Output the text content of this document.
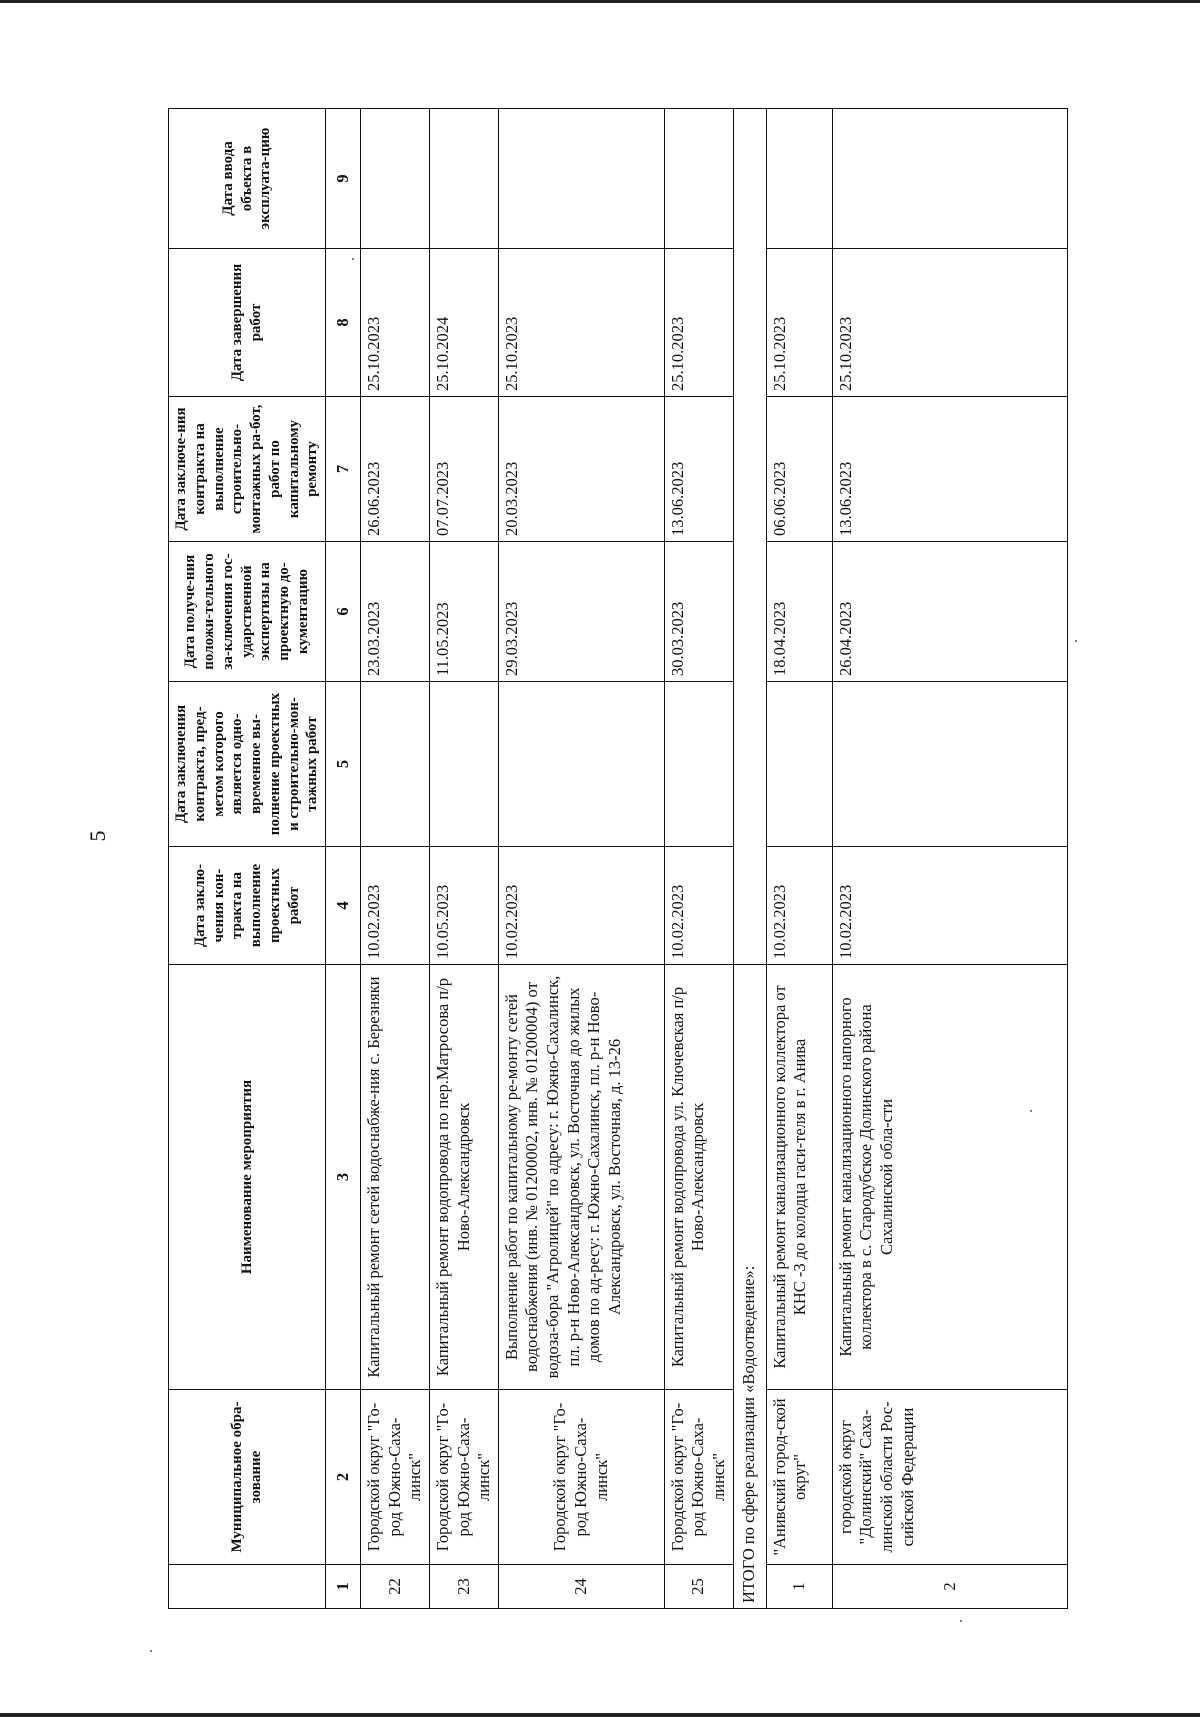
5
	Муниципальное обра-зование	Наименование мероприятия	Дата заклю-чения кон-тракта на выполнение проектных работ	Дата заключения контракта, пред-метом которого является одно-временное вы-полнение проектных и строительно-мон-тажных работ	Дата получе-ния положи-тельного за-ключения гос-ударственной экспертизы на проектную до-кументацию	Дата заключе-ния контракта на выполнение строительно-монтажных ра-бот, работ по капитальному ремонту	Дата завершения работ	Дата ввода объекта в эксплуата-цию
1	2	3	4	5	6	7	8	9
22	Городской округ "Го-род Южно-Саха-линск"	Капитальный ремонт сетей водоснабже-ния с. Березняки	10.02.2023		23.03.2023	26.06.2023	25.10.2023	
23	Городской округ "Го-род Южно-Саха-линск"	Капитальный ремонт водопровода по пер.Матросова п/р Ново-Александровск	10.05.2023		11.05.2023	07.07.2023	25.10.2024	
24	Городской округ "Го-род Южно-Саха-линск"	Выполнение работ по капитальному ре-монту сетей водоснабжения (инв. № 01200002, инв. № 01200004) от водоза-бора "Агролицей" по адресу: г. Южно-Сахалинск, пл. р-н Ново-Александровск, ул. Восточная до жилых домов по ад-ресу: г. Южно-Сахалинск, пл. р-н Ново-Александровск, ул. Восточная, д. 13-26	10.02.2023		29.03.2023	20.03.2023	25.10.2023	
25	Городской округ "Го-род Южно-Саха-линск"	Капитальный ремонт водопровода ул. Ключевская п/р Ново-Александровск	10.02.2023		30.03.2023	13.06.2023	25.10.2023	
ИТОГО по сфере реализации «Водоотведение»:								
1	"Анивский город-ской округ"	Капитальный ремонт канализационного коллектора от КНС -3 до колодца гаси-теля в г. Анива	10.02.2023		18.04.2023	06.06.2023	25.10.2023	
2	городской округ "Долинский" Саха-линской области Рос-сийской Федерации	Капитальный ремонт канализационного напорного коллектора в с. Стародубское Долинского района Сахалинской обла-сти	10.02.2023		26.04.2023	13.06.2023	25.10.2023	
